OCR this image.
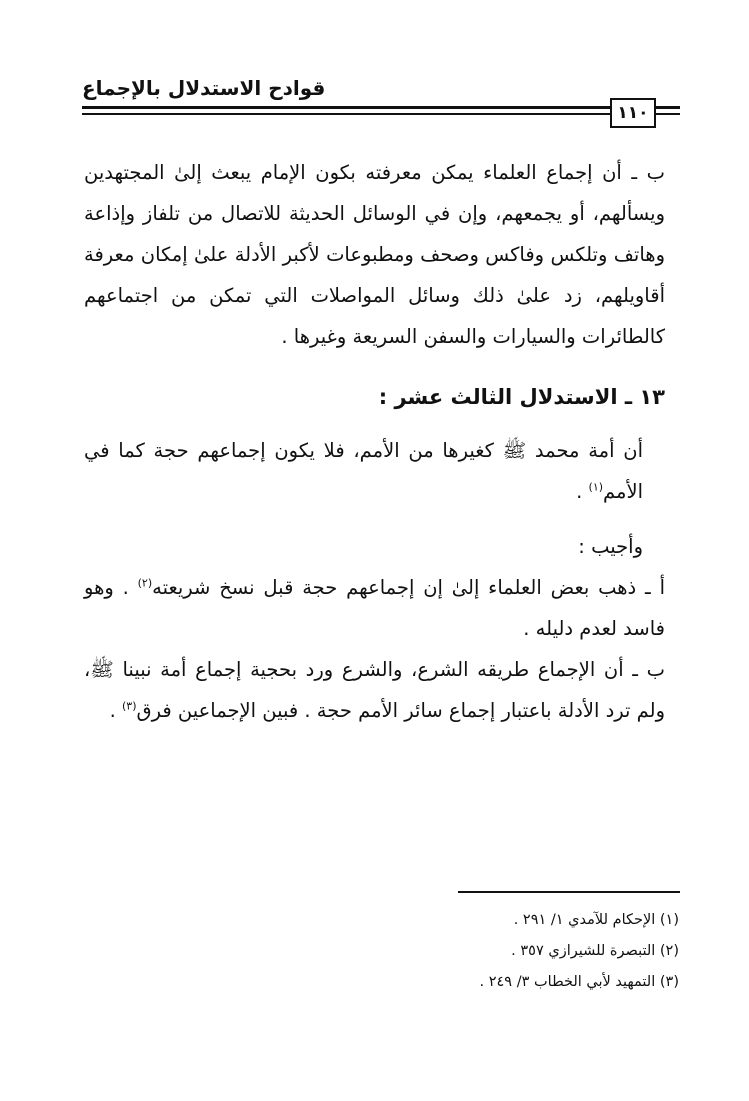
قوادح الاستدلال بالإجماع
١١٠

ب ـ أن إجماع العلماء يمكن معرفته بكون الإمام يبعث إلىٰ المجتهدين ويسألهم، أو يجمعهم، وإن في الوسائل الحديثة للاتصال من تلفاز وإذاعة وهاتف وتلكس وفاكس وصحف ومطبوعات لأكبر الأدلة علىٰ إمكان معرفة أقاويلهم، زد علىٰ ذلك وسائل المواصلات التي تمكن من اجتماعهم كالطائرات والسيارات والسفن السريعة وغيرها .

١٣ ـ الاستدلال الثالث عشر :

أن أمة محمد ﷺ كغيرها من الأمم، فلا يكون إجماعهم حجة كما في الأمم$^{(١)}$ .

وأجيب :

أ ـ ذهب بعض العلماء إلىٰ إن إجماعهم حجة قبل نسخ شريعته$^{(٢)}$ . وهو فاسد لعدم دليله .

ب ـ أن الإجماع طريقه الشرع، والشرع ورد بحجية إجماع أمة نبينا ﷺ، ولم ترد الأدلة باعتبار إجماع سائر الأمم حجة . فبين الإجماعين فرق$^{(٣)}$ .

(١) الإحكام للآمدي ١/ ٢٩١ .
(٢) التبصرة للشيرازي ٣٥٧ .
(٣) التمهيد لأبي الخطاب ٣/ ٢٤٩ .
